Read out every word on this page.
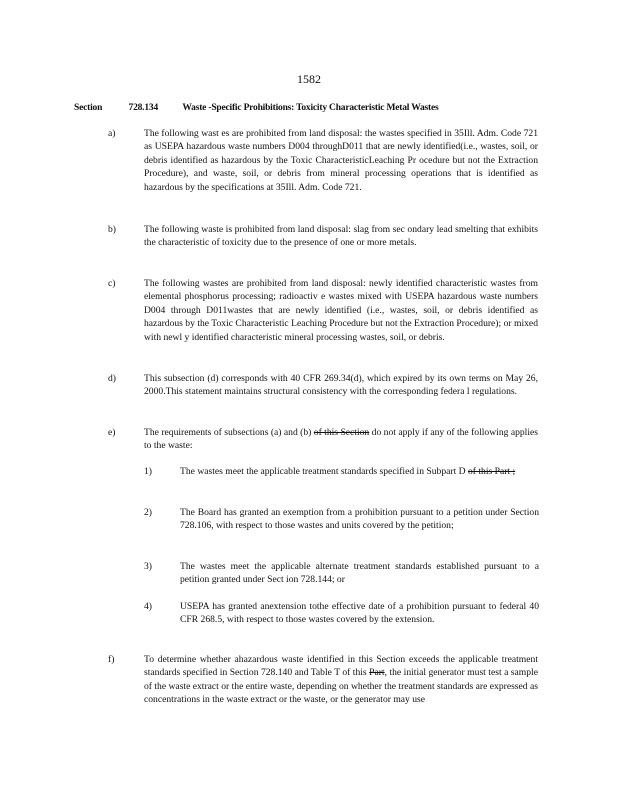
1582
Section	728.134	Waste -Specific Prohibitions: Toxicity Characteristic Metal Wastes
a)	The following wast es are prohibited from land disposal: the wastes specified in 35Ill. Adm. Code 721 as USEPA hazardous waste numbers D004 throughD011 that are newly identified(i.e., wastes, soil, or debris identified as hazardous by the Toxic CharacteristicLeaching Pr ocedure but not the Extraction Procedure), and waste, soil, or debris from mineral processing operations that is identified as hazardous by the specifications at 35Ill. Adm. Code 721.
b)	The following waste is prohibited from land disposal: slag from sec ondary lead smelting that exhibits the characteristic of toxicity due to the presence of one or more metals.
c)	The following wastes are prohibited from land disposal: newly identified characteristic wastes from elemental phosphorus processing; radioactiv e wastes mixed with USEPA hazardous waste numbers D004 through D011wastes that are newly identified (i.e., wastes, soil, or debris identified as hazardous by the Toxic Characteristic Leaching Procedure but not the Extraction Procedure); or mixed with newl y identified characteristic mineral processing wastes, soil, or debris.
d)	This subsection (d) corresponds with 40 CFR 269.34(d), which expired by its own terms on May 26, 2000.This statement maintains structural consistency with the corresponding federa l regulations.
e)	The requirements of subsections (a) and (b) of this Section do not apply if any of the following applies to the waste:
1)	The wastes meet the applicable treatment standards specified in Subpart D of this Part ;
2)	The Board has granted an exemption from a prohibition pursuant to a petition under Section 728.106, with respect to those wastes and units covered by the petition;
3)	The wastes meet the applicable alternate treatment standards established pursuant to a petition granted under Sect ion 728.144; or
4)	USEPA has granted anextension tothe effective date of a prohibition pursuant to federal 40 CFR 268.5, with respect to those wastes covered by the extension.
f)	To determine whether ahazardous waste identified in this Section exceeds the applicable treatment standards specified in Section 728.140 and Table T of this Part, the initial generator must test a sample of the waste extract or the entire waste, depending on whether the treatment standards are expressed as concentrations in the waste extract or the waste, or the generator may use
